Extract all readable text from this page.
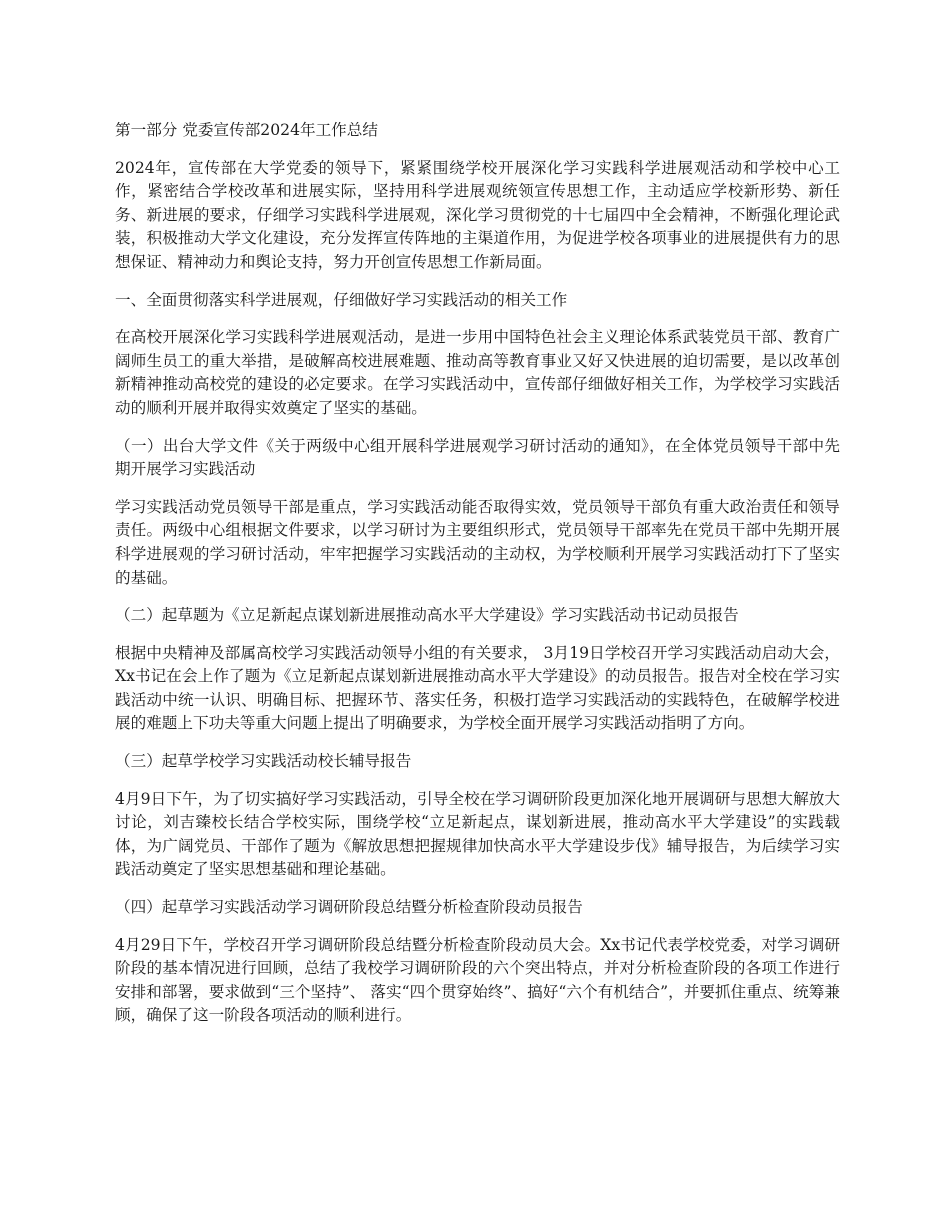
第一部分 党委宣传部2024年工作总结

2024年，宣传部在大学党委的领导下，紧紧围绕学校开展深化学习实践科学进展观活动和学校中心工作，紧密结合学校改革和进展实际，坚持用科学进展观统领宣传思想工作，主动适应学校新形势、新任务、新进展的要求，仔细学习实践科学进展观，深化学习贯彻党的十七届四中全会精神，不断强化理论武装，积极推动大学文化建设，充分发挥宣传阵地的主渠道作用，为促进学校各项事业的进展提供有力的思想保证、精神动力和舆论支持，努力开创宣传思想工作新局面。

一、全面贯彻落实科学进展观，仔细做好学习实践活动的相关工作

在高校开展深化学习实践科学进展观活动，是进一步用中国特色社会主义理论体系武装党员干部、教育广阔师生员工的重大举措，是破解高校进展难题、推动高等教育事业又好又快进展的迫切需要，是以改革创新精神推动高校党的建设的必定要求。在学习实践活动中，宣传部仔细做好相关工作，为学校学习实践活动的顺利开展并取得实效奠定了坚实的基础。

（一）出台大学文件《关于两级中心组开展科学进展观学习研讨活动的通知》，在全体党员领导干部中先期开展学习实践活动

学习实践活动党员领导干部是重点，学习实践活动能否取得实效，党员领导干部负有重大政治责任和领导责任。两级中心组根据文件要求，以学习研讨为主要组织形式，党员领导干部率先在党员干部中先期开展科学进展观的学习研讨活动，牢牢把握学习实践活动的主动权，为学校顺利开展学习实践活动打下了坚实的基础。

（二）起草题为《立足新起点谋划新进展推动高水平大学建设》学习实践活动书记动员报告

根据中央精神及部属高校学习实践活动领导小组的有关要求， 3月19日学校召开学习实践活动启动大会，Xx书记在会上作了题为《立足新起点谋划新进展推动高水平大学建设》的动员报告。报告对全校在学习实践活动中统一认识、明确目标、把握环节、落实任务，积极打造学习实践活动的实践特色，在破解学校进展的难题上下功夫等重大问题上提出了明确要求，为学校全面开展学习实践活动指明了方向。

（三）起草学校学习实践活动校长辅导报告

4月9日下午，为了切实搞好学习实践活动，引导全校在学习调研阶段更加深化地开展调研与思想大解放大讨论，刘吉臻校长结合学校实际，围绕学校“立足新起点，谋划新进展，推动高水平大学建设”的实践载体，为广阔党员、干部作了题为《解放思想把握规律加快高水平大学建设步伐》辅导报告，为后续学习实践活动奠定了坚实思想基础和理论基础。

（四）起草学习实践活动学习调研阶段总结暨分析检查阶段动员报告

4月29日下午，学校召开学习调研阶段总结暨分析检查阶段动员大会。Xx书记代表学校党委，对学习调研阶段的基本情况进行回顾，总结了我校学习调研阶段的六个突出特点，并对分析检查阶段的各项工作进行安排和部署，要求做到“三个坚持”、 落实“四个贯穿始终”、搞好“六个有机结合”，并要抓住重点、统筹兼顾，确保了这一阶段各项活动的顺利进行。
